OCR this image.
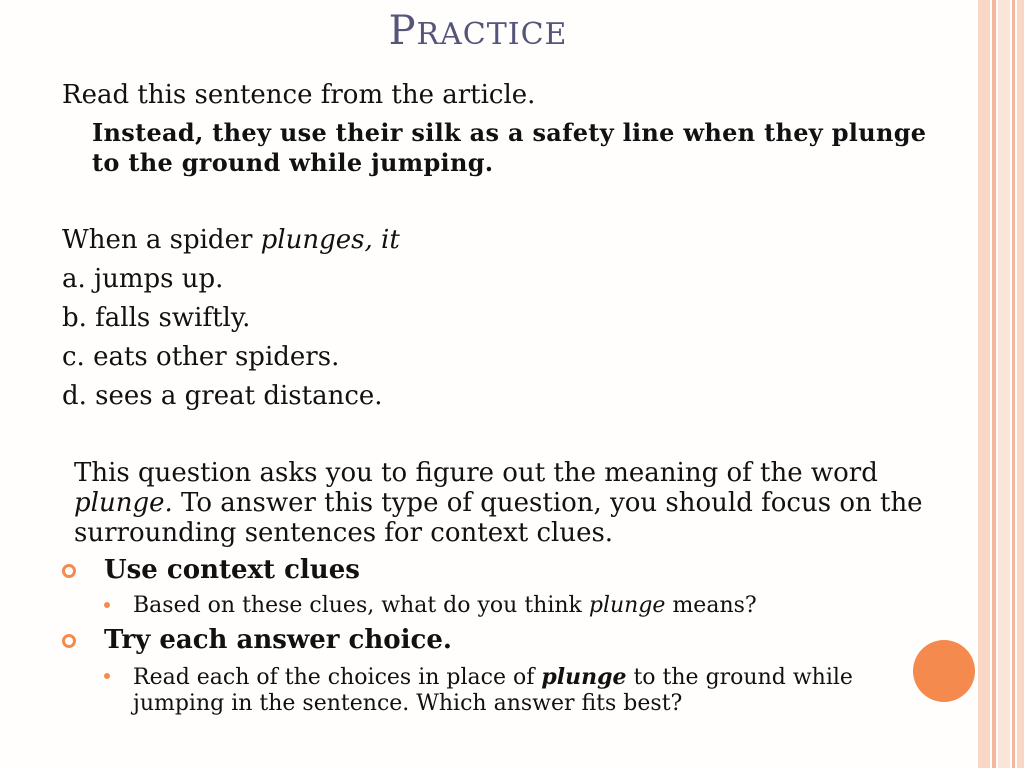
PRACTICE
Read this sentence from the article.
Instead, they use their silk as a safety line when they plunge to the ground while jumping.
When a spider plunges, it
a. jumps up.
b. falls swiftly.
c. eats other spiders.
d. sees a great distance.
This question asks you to figure out the meaning of the word plunge. To answer this type of question, you should focus on the surrounding sentences for context clues.
Use context clues
Based on these clues, what do you think plunge means?
Try each answer choice.
Read each of the choices in place of plunge to the ground while jumping in the sentence. Which answer fits best?
